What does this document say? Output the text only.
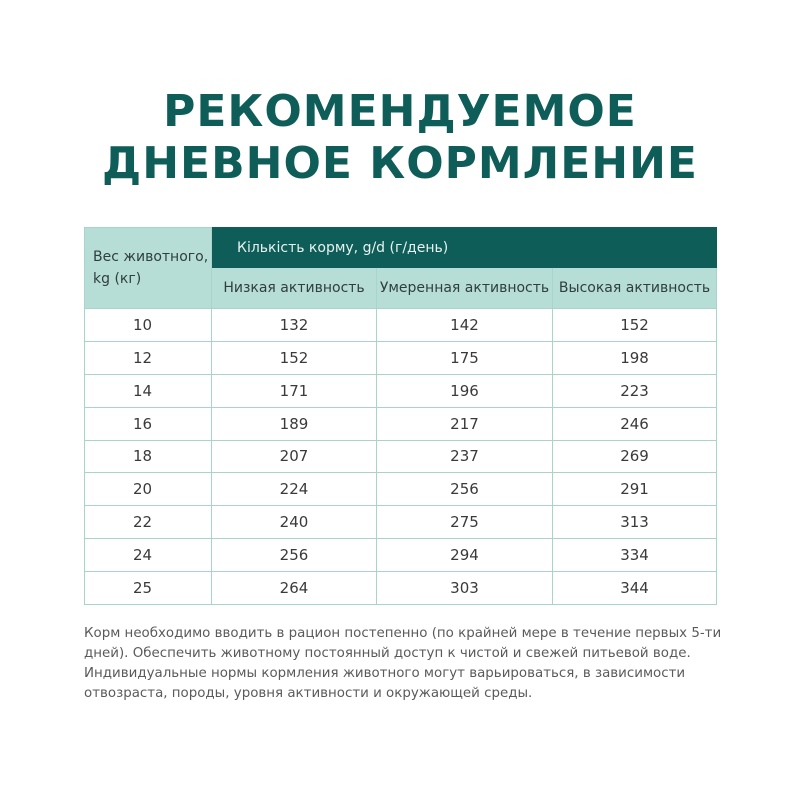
РЕКОМЕНДУЕМОЕ
ДНЕВНОЕ КОРМЛЕНИЕ
Вес животного, kg (кг)	Кількість корму, g/d (г/день)		
	Низкая активность	Умеренная активность	Высокая активность
10	132	142	152
12	152	175	198
14	171	196	223
16	189	217	246
18	207	237	269
20	224	256	291
22	240	275	313
24	256	294	334
25	264	303	344
Корм необходимо вводить в рацион постепенно (по крайней мере в течение первых 5-ти дней). Обеспечить животному постоянный доступ к чистой и свежей питьевой воде. Индивидуальные нормы кормления животного могут варьироваться, в зависимости отвозраста, породы, уровня активности и окружающей среды.
